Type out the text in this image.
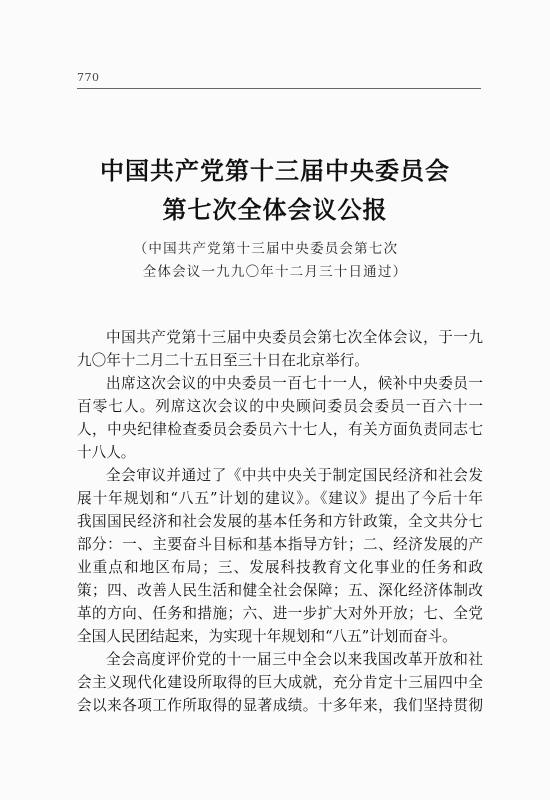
770
中国共产党第十三届中央委员会
第七次全体会议公报
（中国共产党第十三届中央委员会第七次
全体会议一九九〇年十二月三十日通过）
中国共产党第十三届中央委员会第七次全体会议，于一九
九〇年十二月二十五日至三十日在北京举行。
出席这次会议的中央委员一百七十一人，候补中央委员一
百零七人。列席这次会议的中央顾问委员会委员一百六十一
人，中央纪律检查委员会委员六十七人，有关方面负责同志七
十八人。
全会审议并通过了《中共中央关于制定国民经济和社会发
展十年规划和“八五”计划的建议》。《建议》提出了今后十年
我国国民经济和社会发展的基本任务和方针政策，全文共分七
部分：一、主要奋斗目标和基本指导方针；二、经济发展的产
业重点和地区布局；三、发展科技教育文化事业的任务和政
策；四、改善人民生活和健全社会保障；五、深化经济体制改
革的方向、任务和措施；六、进一步扩大对外开放；七、全党
全国人民团结起来，为实现十年规划和“八五”计划而奋斗。
全会高度评价党的十一届三中全会以来我国改革开放和社
会主义现代化建设所取得的巨大成就，充分肯定十三届四中全
会以来各项工作所取得的显著成绩。十多年来，我们坚持贯彻
